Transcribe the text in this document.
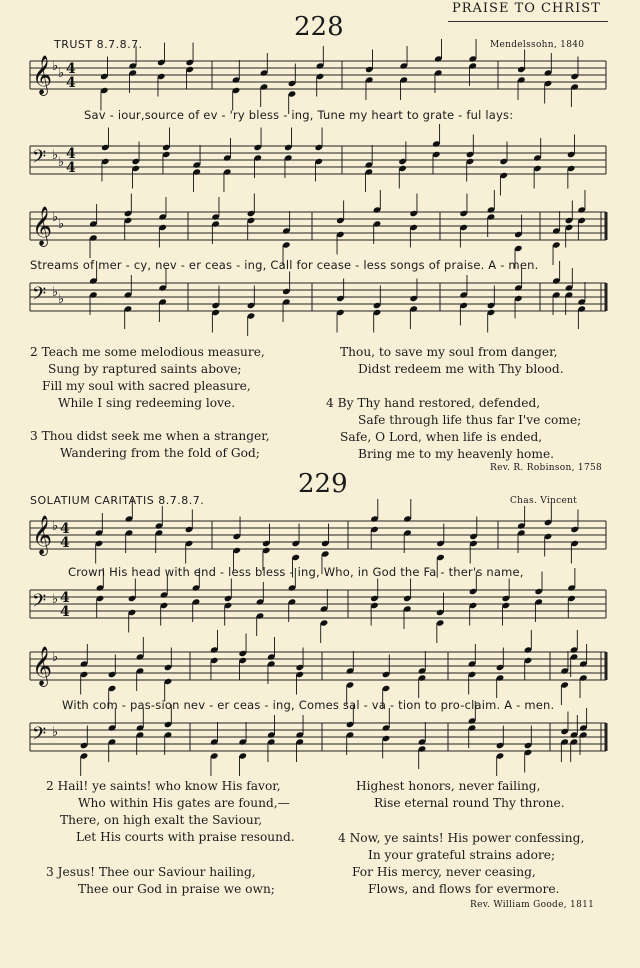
PRAISE TO CHRIST
228
TRUST 8.7.8.7.	Mendelssohn, 1840
𝄞 ♭ ♭ 4
4
Sav - iour,source of ev - 'ry bless - ing, Tune my heart to grate - ful lays:
𝄢 ♭ ♭
4
4
𝄞 ♭ ♭
Streams of mer - cy, nev - er ceas - ing, Call for cease - less songs of praise. A - men.
𝄢 ♭ ♭
2 Teach me some melodious measure,
Sung by raptured saints above;
Fill my soul with sacred pleasure,
While I sing redeeming love.
3 Thou didst seek me when a stranger,
Wandering from the fold of God;
Thou, to save my soul from danger,
Didst redeem me with Thy blood.
4 By Thy hand restored, defended,
Safe through life thus far I've come;
Safe, O Lord, when life is ended,
Bring me to my heavenly home.
Rev. R. Robinson, 1758
229
SOLATIUM CARITATIS 8.7.8.7.	Chas. Vincent
𝄞 ♭ 4
4
Crown His head with end - less bless - ing, Who, in God the Fa - ther's name,
𝄢 ♭ 4
4
𝄞 ♭
With com - pas-sion nev - er ceas - ing, Comes sal - va - tion to pro-claim. A - men.
𝄢 ♭
2 Hail! ye saints! who know His favor,
Who within His gates are found,—
There, on high exalt the Saviour,
Let His courts with praise resound.
3 Jesus! Thee our Saviour hailing,
Thee our God in praise we own;
Highest honors, never failing,
Rise eternal round Thy throne.
4 Now, ye saints! His power confessing,
In your grateful strains adore;
For His mercy, never ceasing,
Flows, and flows for evermore.
Rev. William Goode, 1811
